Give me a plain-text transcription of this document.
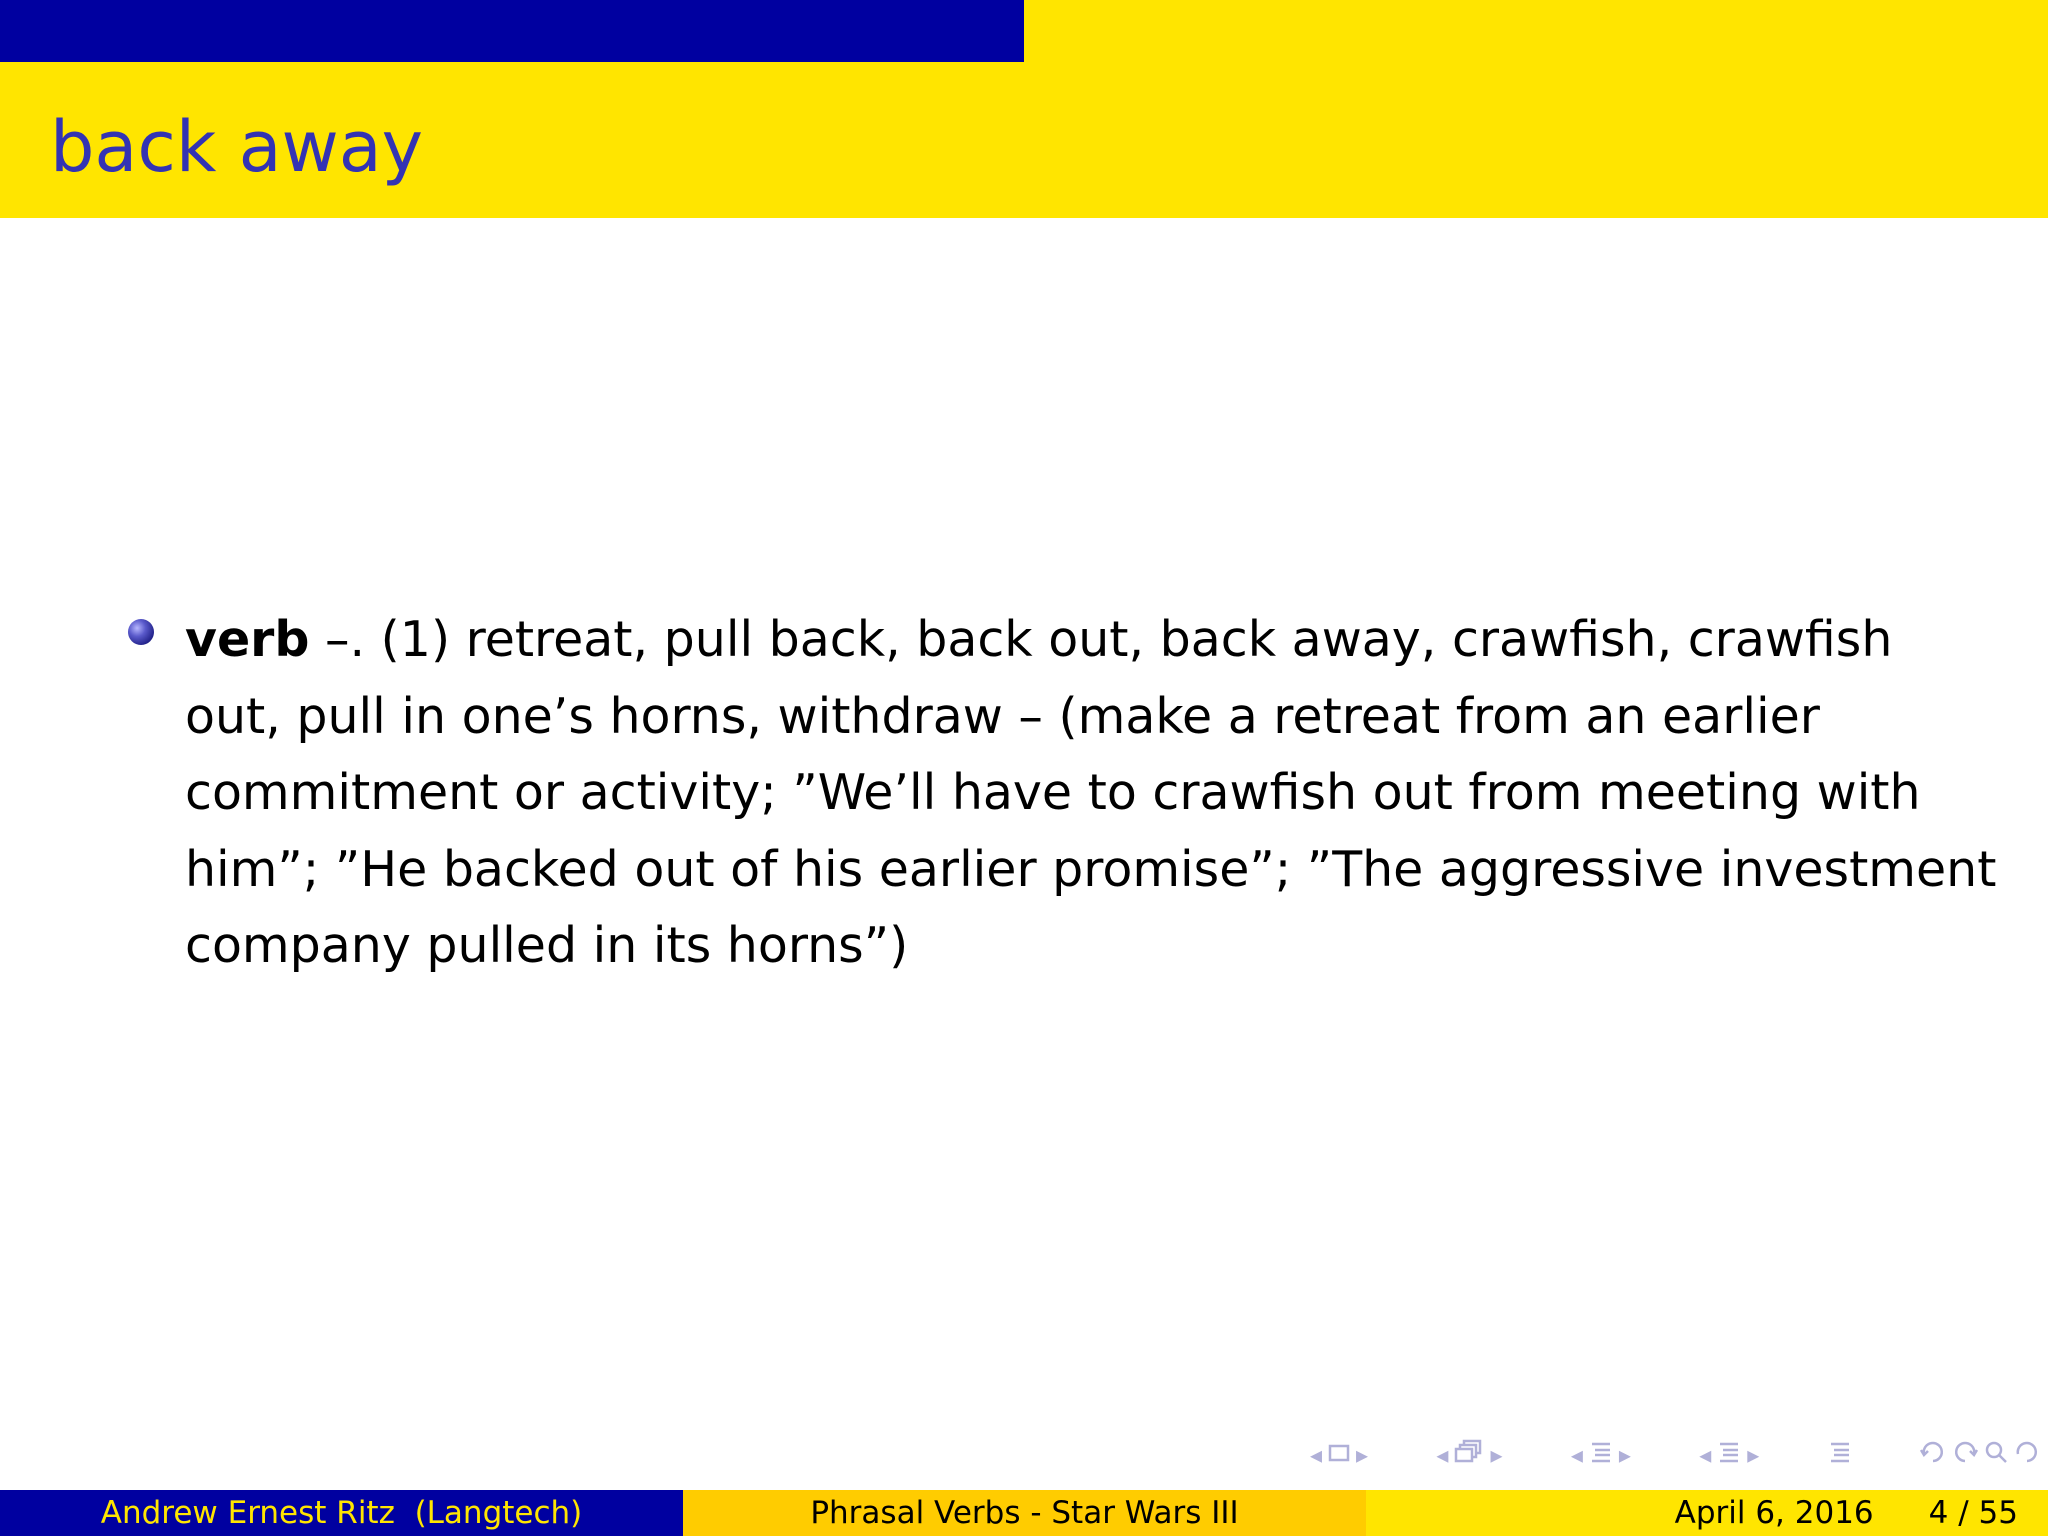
back away

verb –. (1) retreat, pull back, back out, back away, crawfish, crawfish out, pull in one’s horns, withdraw – (make a retreat from an earlier commitment or activity; ”We’ll have to crawfish out from meeting with him”; ”He backed out of his earlier promise”; ”The aggressive investment company pulled in its horns”)

◂ ▸	◂ ▸	◂ ▸	◂ ▸
Andrew Ernest Ritz  (Langtech)	Phrasal Verbs - Star Wars III	April 6, 2016 4 / 55
